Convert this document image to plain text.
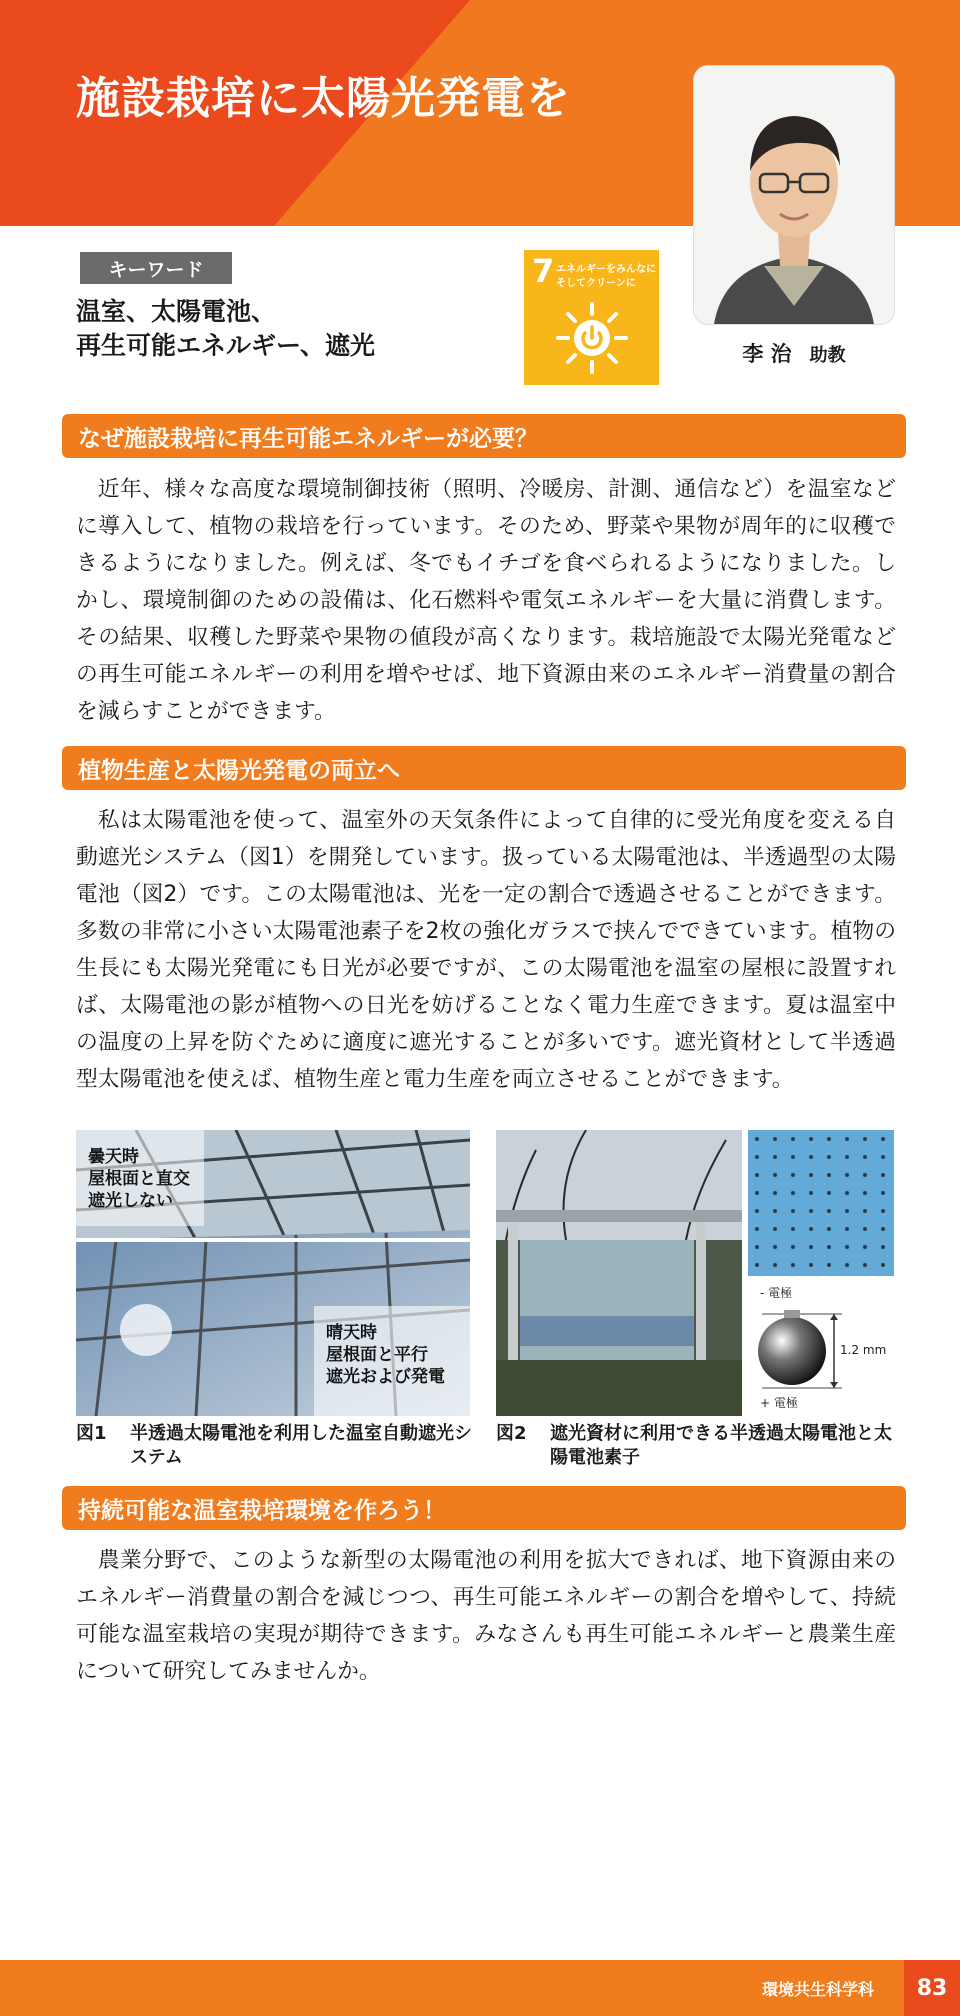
施設栽培に太陽光発電を
李 治 助教
キーワード
温室、太陽電池、
再生可能エネルギー、遮光
7 エネルギーをみんなに
そしてクリーンに
なぜ施設栽培に再生可能エネルギーが必要？

近年、様々な高度な環境制御技術（照明、冷暖房、計測、通信など）を温室などに導入して、植物の栽培を行っています。そのため、野菜や果物が周年的に収穫できるようになりました。例えば、冬でもイチゴを食べられるようになりました。しかし、環境制御のための設備は、化石燃料や電気エネルギーを大量に消費します。その結果、収穫した野菜や果物の値段が高くなります。栽培施設で太陽光発電などの再生可能エネルギーの利用を増やせば、地下資源由来のエネルギー消費量の割合を減らすことができます。

植物生産と太陽光発電の両立へ

私は太陽電池を使って、温室外の天気条件によって自律的に受光角度を変える自動遮光システム（図1）を開発しています。扱っている太陽電池は、半透過型の太陽電池（図2）です。この太陽電池は、光を一定の割合で透過させることができます。多数の非常に小さい太陽電池素子を2枚の強化ガラスで挟んでできています。植物の生長にも太陽光発電にも日光が必要ですが、この太陽電池を温室の屋根に設置すれば、太陽電池の影が植物への日光を妨げることなく電力生産できます。夏は温室中の温度の上昇を防ぐために適度に遮光することが多いです。遮光資材として半透過型太陽電池を使えば、植物生産と電力生産を両立させることができます。

曇天時
屋根面と直交
遮光しない
晴天時
屋根面と平行
遮光および発電
図1 半透過太陽電池を利用した温室自動遮光システム
- 電極
+ 電極
1.2 mm
図2 遮光資材に利用できる半透過太陽電池と太陽電池素子
持続可能な温室栽培環境を作ろう！

農業分野で、このような新型の太陽電池の利用を拡大できれば、地下資源由来のエネルギー消費量の割合を減じつつ、再生可能エネルギーの割合を増やして、持続可能な温室栽培の実現が期待できます。みなさんも再生可能エネルギーと農業生産について研究してみませんか。

環境共生科学科	83
